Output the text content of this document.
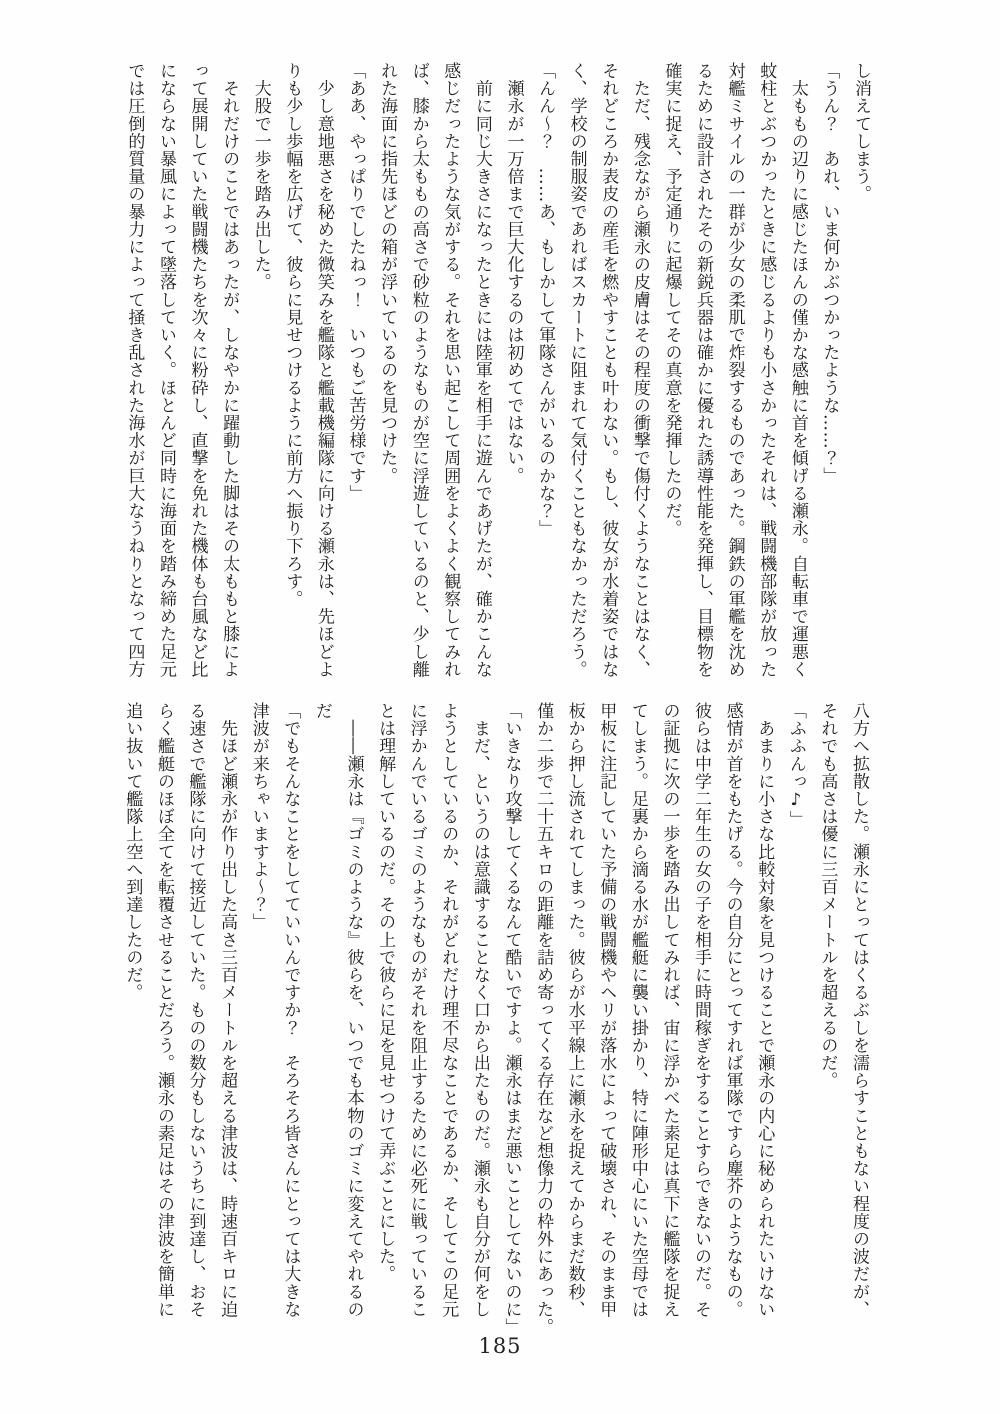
し消えてしまう。

「うん？　あれ、いま何かぶつかったような……？」

　太ももの辺りに感じたほんの僅かな感触に首を傾げる瀬永。自転車で運悪く

蚊柱とぶつかったときに感じるよりも小さかったそれは、戦闘機部隊が放った

対艦ミサイルの一群が少女の柔肌で炸裂するものであった。鋼鉄の軍艦を沈め

るために設計されたその新鋭兵器は確かに優れた誘導性能を発揮し、目標物を

確実に捉え、予定通りに起爆してその真意を発揮したのだ。

　ただ、残念ながら瀬永の皮膚はその程度の衝撃で傷付くようなことはなく、

それどころか表皮の産毛を燃やすことも叶わない。もし、彼女が水着姿ではな

く、学校の制服姿であればスカートに阻まれて気付くこともなかっただろう。

「んん〜？　……あ、もしかして軍隊さんがいるのかな？」

　瀬永が一万倍まで巨大化するのは初めてではない。

　前に同じ大きさになったときには陸軍を相手に遊んであげたが、確かこんな

感じだったような気がする。それを思い起こして周囲をよくよく観察してみれ

ば、膝から太ももの高さで砂粒のようなものが空に浮遊しているのと、少し離

れた海面に指先ほどの箱が浮いているのを見つけた。

「ああ、やっぱりでしたねっ！　いつもご苦労様です」

　少し意地悪さを秘めた微笑みを艦隊と艦載機編隊に向ける瀬永は、先ほどよ

りも少し歩幅を広げて、彼らに見せつけるように前方へ振り下ろす。

　大股で一歩を踏み出した。

　それだけのことではあったが、しなやかに躍動した脚はその太ももと膝によ

って展開していた戦闘機たちを次々に粉砕し、直撃を免れた機体も台風など比

にならない暴風によって墜落していく。ほとんど同時に海面を踏み締めた足元

では圧倒的質量の暴力によって掻き乱された海水が巨大なうねりとなって四方

八方へ拡散した。瀬永にとってはくるぶしを濡らすこともない程度の波だが、

それでも高さは優に三百メートルを超えるのだ。

「ふふんっ♪」

　あまりに小さな比較対象を見つけることで瀬永の内心に秘められたいけない

感情が首をもたげる。今の自分にとってすれば軍隊ですら塵芥のようなもの。

彼らは中学二年生の女の子を相手に時間稼ぎをすることすらできないのだ。そ

の証拠に次の一歩を踏み出してみれば、宙に浮かべた素足は真下に艦隊を捉え

てしまう。足裏から滴る水が艦艇に襲い掛かり、特に陣形中心にいた空母では

甲板に注記していた予備の戦闘機やヘリが落水によって破壊され、そのまま甲

板から押し流されてしまった。彼らが水平線上に瀬永を捉えてからまだ数秒、

僅か二歩で二十五キロの距離を詰め寄ってくる存在など想像力の枠外にあった。

「いきなり攻撃してくるなんて酷いですよ。瀬永はまだ悪いことしてないのに」

　まだ、というのは意識することなく口から出たものだ。瀬永も自分が何をし

ようとしているのか、それがどれだけ理不尽なことであるか、そしてこの足元

に浮かんでいるゴミのようなものがそれを阻止するために必死に戦っているこ

とは理解しているのだ。その上で彼らに足を見せつけて弄ぶことにした。

　――瀬永は『ゴミのような』彼らを、いつでも本物のゴミに変えてやれるの

だ

「でもそんなことをしてていいんですか？　そろそろ皆さんにとっては大きな

津波が来ちゃいますよ〜？」

　先ほど瀬永が作り出した高さ三百メートルを超える津波は、時速百キロに迫

る速さで艦隊に向けて接近していた。ものの数分もしないうちに到達し、おそ

らく艦艇のほぼ全てを転覆させることだろう。瀬永の素足はその津波を簡単に

追い抜いて艦隊上空へ到達したのだ。

185
